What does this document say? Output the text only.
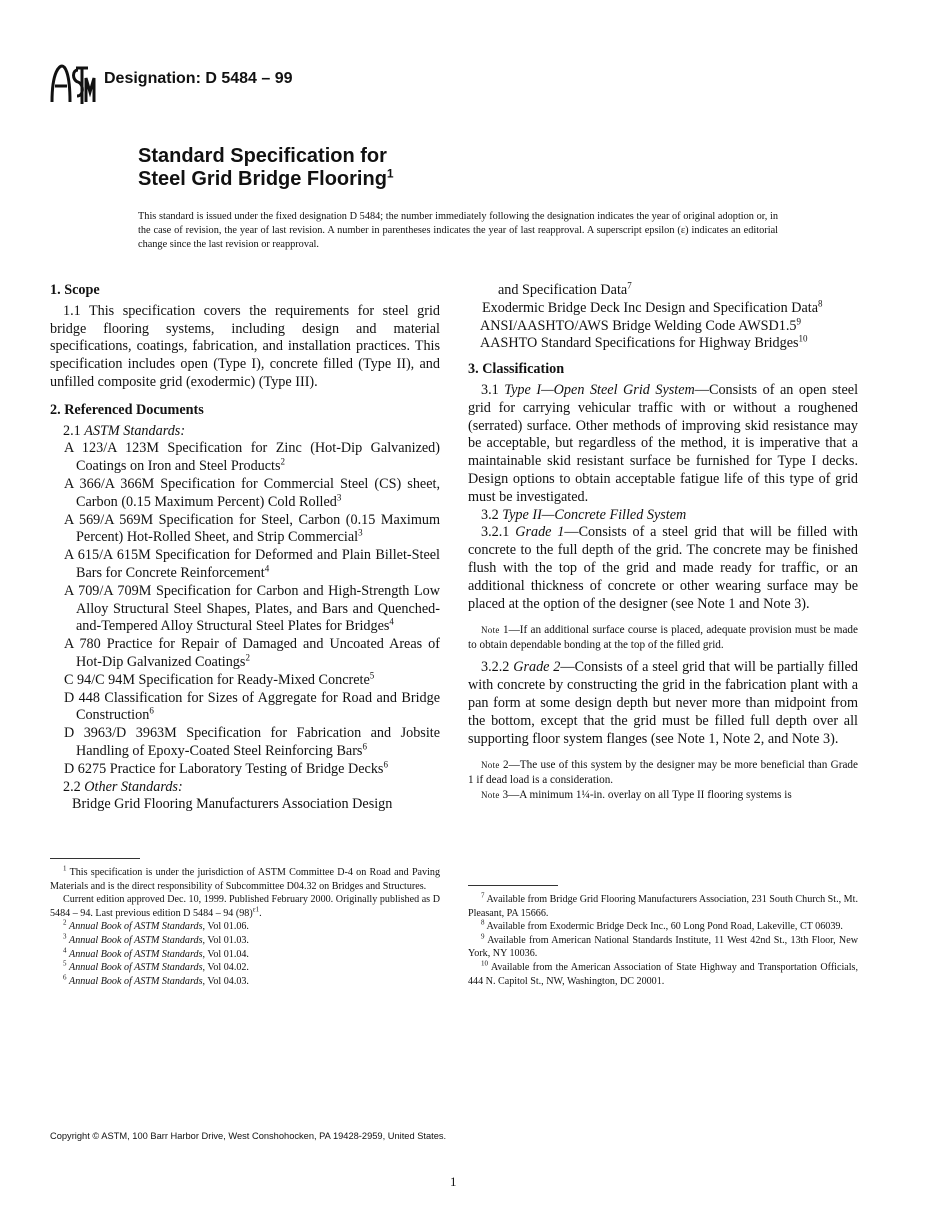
Designation: D 5484 – 99
Standard Specification for
Steel Grid Bridge Flooring$^1$
This standard is issued under the fixed designation D 5484; the number immediately following the designation indicates the year of original adoption or, in the case of revision, the year of last revision. A number in parentheses indicates the year of last reapproval. A superscript epsilon (ε) indicates an editorial change since the last revision or reapproval.
1. Scope

1.1 This specification covers the requirements for steel grid bridge flooring systems, including design and material specifications, coatings, fabrication, and installation practices. This specification includes open (Type I), concrete filled (Type II), and unfilled composite grid (exodermic) (Type III).

2. Referenced Documents

2.1 ASTM Standards:

A 123/A 123M Specification for Zinc (Hot-Dip Galvanized) Coatings on Iron and Steel Products$^2$

A 366/A 366M Specification for Commercial Steel (CS) sheet, Carbon (0.15 Maximum Percent) Cold Rolled$^3$

A 569/A 569M Specification for Steel, Carbon (0.15 Maximum Percent) Hot-Rolled Sheet, and Strip Commercial$^3$

A 615/A 615M Specification for Deformed and Plain Billet-Steel Bars for Concrete Reinforcement$^4$

A 709/A 709M Specification for Carbon and High-Strength Low Alloy Structural Steel Shapes, Plates, and Bars and Quenched-and-Tempered Alloy Structural Steel Plates for Bridges$^4$

A 780 Practice for Repair of Damaged and Uncoated Areas of Hot-Dip Galvanized Coatings$^2$

C 94/C 94M Specification for Ready-Mixed Concrete$^5$

D 448 Classification for Sizes of Aggregate for Road and Bridge Construction$^6$

D 3963/D 3963M Specification for Fabrication and Jobsite Handling of Epoxy-Coated Steel Reinforcing Bars$^6$

D 6275 Practice for Laboratory Testing of Bridge Decks$^6$

2.2 Other Standards:

Bridge Grid Flooring Manufacturers Association Design

$^1$ This specification is under the jurisdiction of ASTM Committee D-4 on Road and Paving Materials and is the direct responsibility of Subcommittee D04.32 on Bridges and Structures.

Current edition approved Dec. 10, 1999. Published February 2000. Originally published as D 5484 – 94. Last previous edition D 5484 – 94 $(98)^{\varepsilon 1}$.

$^2$ Annual Book of ASTM Standards, Vol 01.06.

$^3$ Annual Book of ASTM Standards, Vol 01.03.

$^4$ Annual Book of ASTM Standards, Vol 01.04.

$^5$ Annual Book of ASTM Standards, Vol 04.02.

$^6$ Annual Book of ASTM Standards, Vol 04.03.

and Specification Data$^7$

Exodermic Bridge Deck Inc Design and Specification Data$^8$

ANSI/AASHTO/AWS Bridge Welding Code $AWSD1.5^9$

AASHTO Standard Specifications for Highway Bridges$^{10}$

3. Classification

3.1 Type I—Open Steel Grid System—Consists of an open steel grid for carrying vehicular traffic with or without a roughened (serrated) surface. Other methods of improving skid resistance may be acceptable, but regardless of the method, it is imperative that a maintainable skid resistant surface be furnished for Type I decks. Design options to obtain acceptable fatigue life of this type of grid must be investigated.

3.2 Type II—Concrete Filled System

3.2.1 Grade 1—Consists of a steel grid that will be filled with concrete to the full depth of the grid. The concrete may be finished flush with the top of the grid and made ready for traffic, or an additional thickness of concrete or other wearing surface may be placed at the option of the designer (see Note 1 and Note 3).

Note 1—If an additional surface course is placed, adequate provision must be made to obtain dependable bonding at the top of the filled grid.

3.2.2 Grade 2—Consists of a steel grid that will be partially filled with concrete by constructing the grid in the fabrication plant with a pan form at some design depth but never more than midpoint from the bottom, except that the grid must be filled full depth over all supporting floor system flanges (see Note 1, Note 2, and Note 3).

Note 2—The use of this system by the designer may be more beneficial than Grade 1 if dead load is a consideration.

Note 3—A minimum 1¼-in. overlay on all Type II flooring systems is

$^7$ Available from Bridge Grid Flooring Manufacturers Association, 231 South Church St., Mt. Pleasant, PA 15666.

$^8$ Available from Exodermic Bridge Deck Inc., 60 Long Pond Road, Lakeville, CT 06039.

$^9$ Available from American National Standards Institute, 11 West 42nd St., 13th Floor, New York, NY 10036.

$^{10}$ Available from the American Association of State Highway and Transportation Officials, 444 N. Capitol St., NW, Washington, DC 20001.

Copyright © ASTM, 100 Barr Harbor Drive, West Conshohocken, PA 19428-2959, United States.
1
